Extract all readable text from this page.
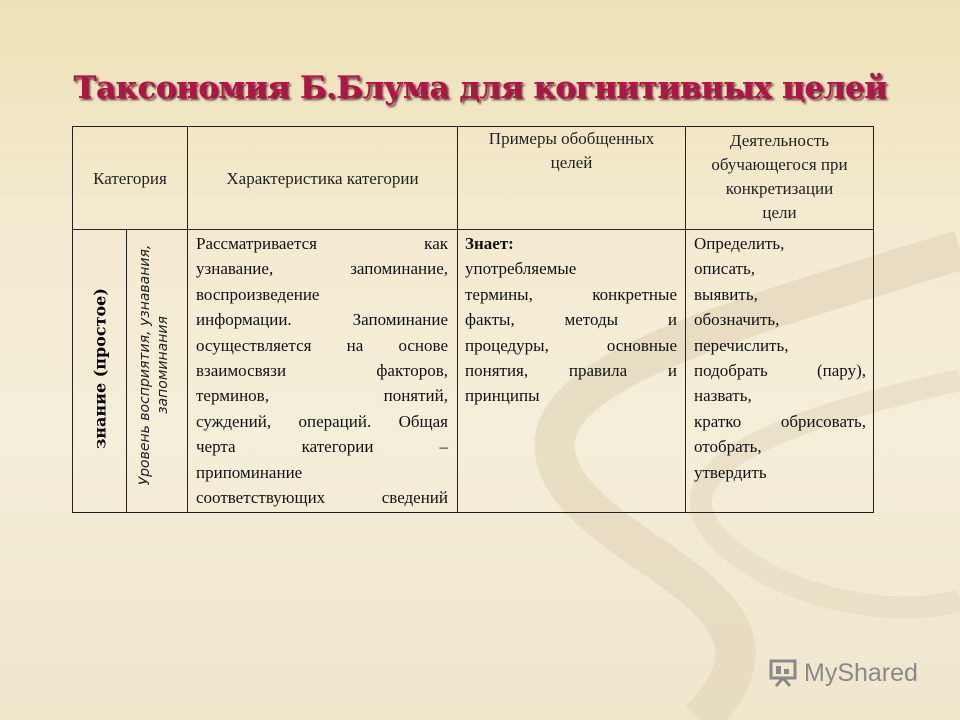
Таксономия Б.Блума для когнитивных целей
Категория	Характеристика категории
Примеры обобщенных
целей
Деятельность
обучающегося при
конкретизации
цели
знание (простое) Уровень восприятия, узнавания, запоминания
Рассматривается как
узнавание, запоминание,
воспроизведение
информации. Запоминание
осуществляется на основе
взаимосвязи факторов,
терминов, понятий,
суждений, операций. Общая
черта категории –
припоминание
соответствующих сведений
Знает:
употребляемые
термины, конкретные
факты, методы и
процедуры, основные
понятия, правила и
принципы
Определить,
описать,
выявить,
обозначить,
перечислить,
подобрать (пару),
назвать,
кратко обрисовать,
отобрать,
утвердить
MyShared
